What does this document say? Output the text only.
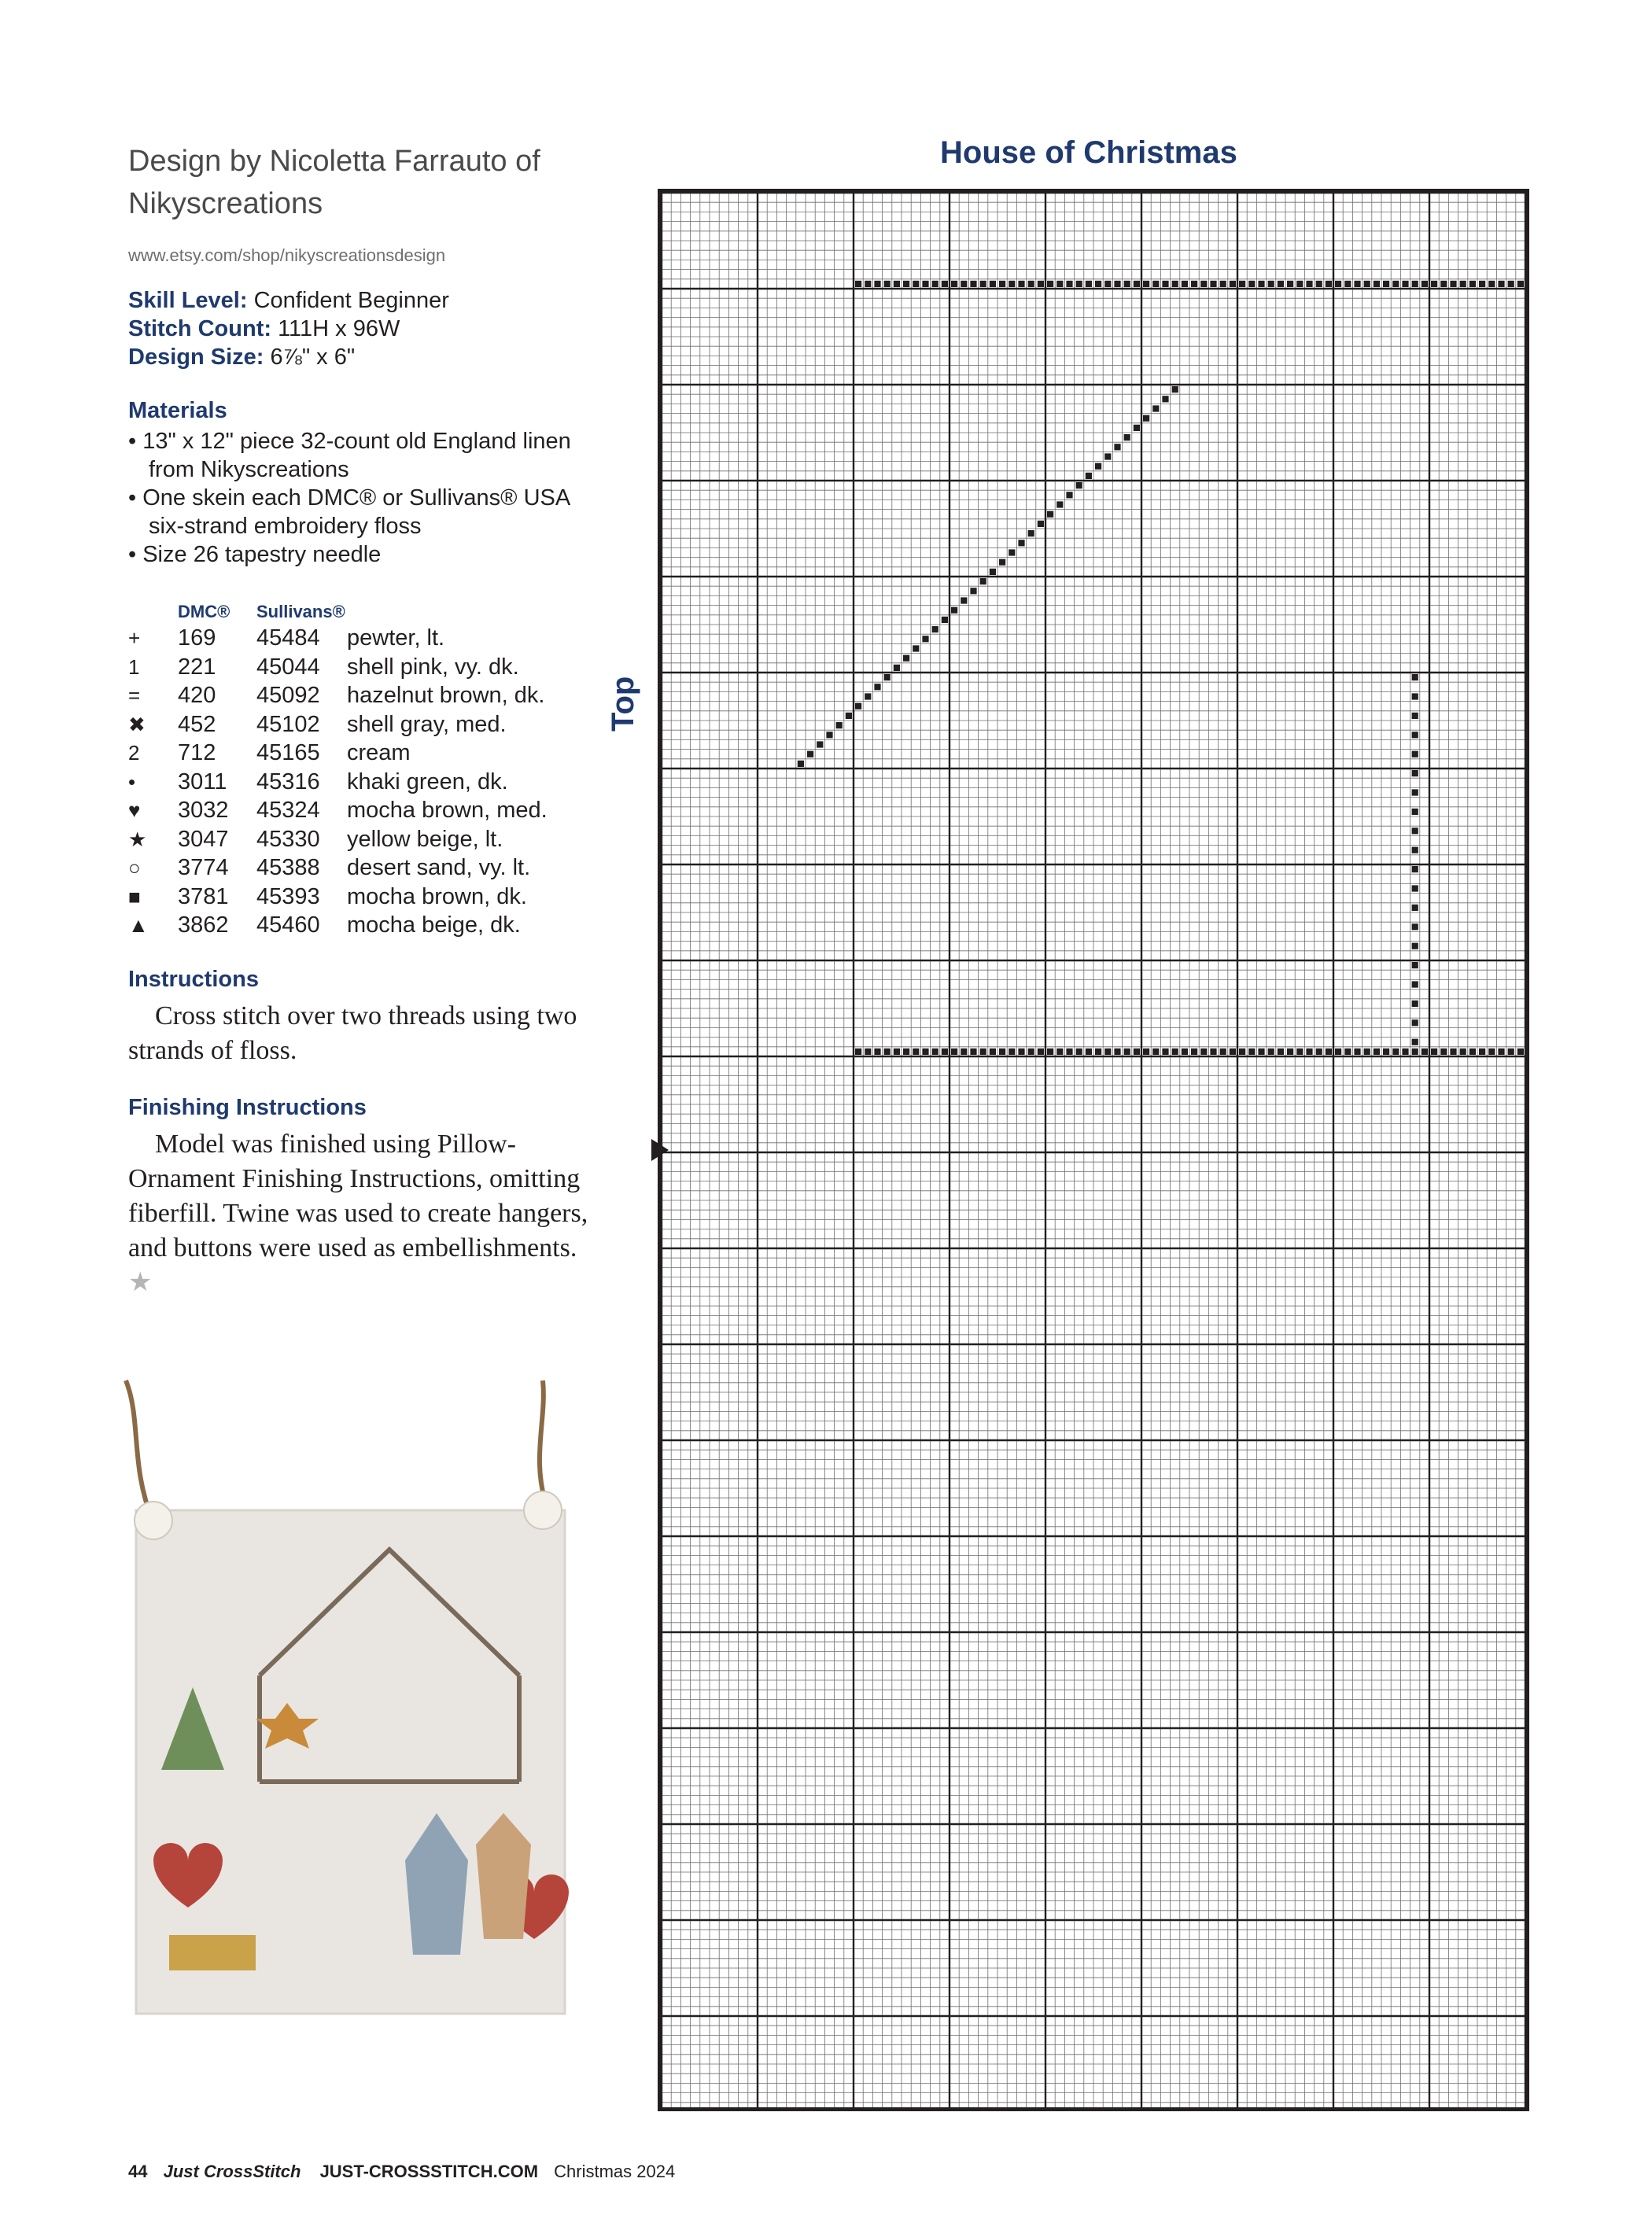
Design by Nicoletta Farrauto of Nikyscreations
www.etsy.com/shop/nikyscreationsdesign
Skill Level: Confident Beginner
Stitch Count: 111H x 96W
Design Size: 6⅞" x 6"
Materials
• 13" x 12" piece 32-count old England linen from Nikyscreations
• One skein each DMC® or Sullivans® USA six-strand embroidery floss
• Size 26 tapestry needle
	DMC®	Sullivans®	
+	169	45484	pewter, lt.
1	221	45044	shell pink, vy. dk.
=	420	45092	hazelnut brown, dk.
✖	452	45102	shell gray, med.
2	712	45165	cream
•	3011	45316	khaki green, dk.
♥	3032	45324	mocha brown, med.
★	3047	45330	yellow beige, lt.
○	3774	45388	desert sand, vy. lt.
■	3781	45393	mocha brown, dk.
▲	3862	45460	mocha beige, dk.
Instructions
Cross stitch over two threads using two strands of floss.
Finishing Instructions
Model was finished using Pillow-Ornament Finishing Instructions, omitting fiberfill. Twine was used to create hangers, and buttons were used as embellishments. ★
House of Christmas
Top
44 Just CrossStitch JUST-CROSSSTITCH.COM Christmas 2024
